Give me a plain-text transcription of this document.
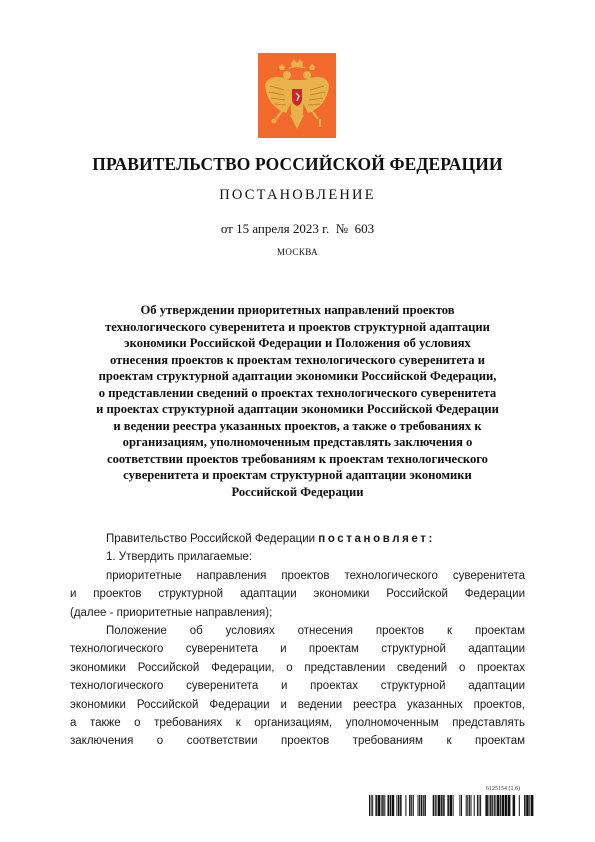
ПРАВИТЕЛЬСТВО РОССИЙСКОЙ ФЕДЕРАЦИИ
ПОСТАНОВЛЕНИЕ
от 15 апреля 2023 г.  №  603
МОСКВА
Об утверждении приоритетных направлений проектов
технологического суверенитета и проектов структурной адаптации
экономики Российской Федерации и Положения об условиях
отнесения проектов к проектам технологического суверенитета и
проектам структурной адаптации экономики Российской Федерации,
о представлении сведений о проектах технологического суверенитета
и проектах структурной адаптации экономики Российской Федерации
и ведении реестра указанных проектов, а также о требованиях к
организациям, уполномоченным представлять заключения о
соответствии проектов требованиям к проектам технологического
суверенитета и проектам структурной адаптации экономики
Российской Федерации
Правительство Российской Федерации постановляет:
1. Утвердить прилагаемые:
приоритетные направления проектов технологического суверенитета
и проектов структурной адаптации экономики Российской Федерации
(далее - приоритетные направления);
Положение об условиях отнесения проектов к проектам
технологического суверенитета и проектам структурной адаптации
экономики Российской Федерации, о представлении сведений о проектах
технологического суверенитета и проектах структурной адаптации
экономики Российской Федерации и ведении реестра указанных проектов,
а также о требованиях к организациям, уполномоченным представлять
заключения о соответствии проектов требованиям к проектам
6125154 (1.6)
